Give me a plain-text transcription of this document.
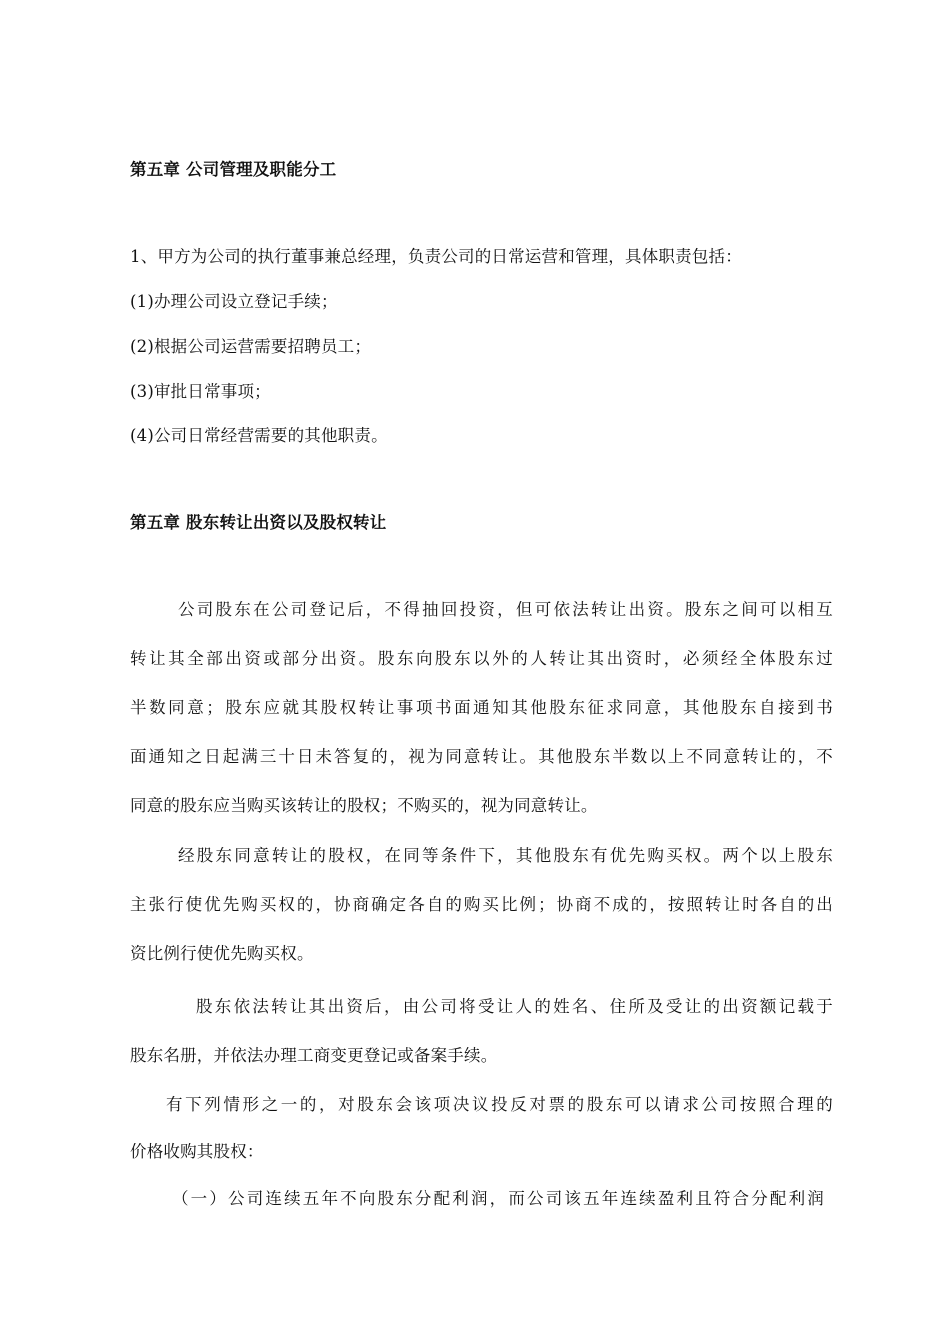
第五章 公司管理及职能分工
1、甲方为公司的执行董事兼总经理，负责公司的日常运营和管理，具体职责包括：
(1)办理公司设立登记手续；
(2)根据公司运营需要招聘员工；
(3)审批日常事项；
(4)公司日常经营需要的其他职责。
第五章 股东转让出资以及股权转让
公司股东在公司登记后，不得抽回投资，但可依法转让出资。股东之间可以相互
转让其全部出资或部分出资。股东向股东以外的人转让其出资时，必须经全体股东过
半数同意；股东应就其股权转让事项书面通知其他股东征求同意，其他股东自接到书
面通知之日起满三十日未答复的，视为同意转让。其他股东半数以上不同意转让的，不
同意的股东应当购买该转让的股权；不购买的，视为同意转让。
经股东同意转让的股权，在同等条件下，其他股东有优先购买权。两个以上股东
主张行使优先购买权的，协商确定各自的购买比例；协商不成的，按照转让时各自的出
资比例行使优先购买权。
股东依法转让其出资后，由公司将受让人的姓名、住所及受让的出资额记载于
股东名册，并依法办理工商变更登记或备案手续。
有下列情形之一的，对股东会该项决议投反对票的股东可以请求公司按照合理的
价格收购其股权：
（一）公司连续五年不向股东分配利润，而公司该五年连续盈利且符合分配利润
